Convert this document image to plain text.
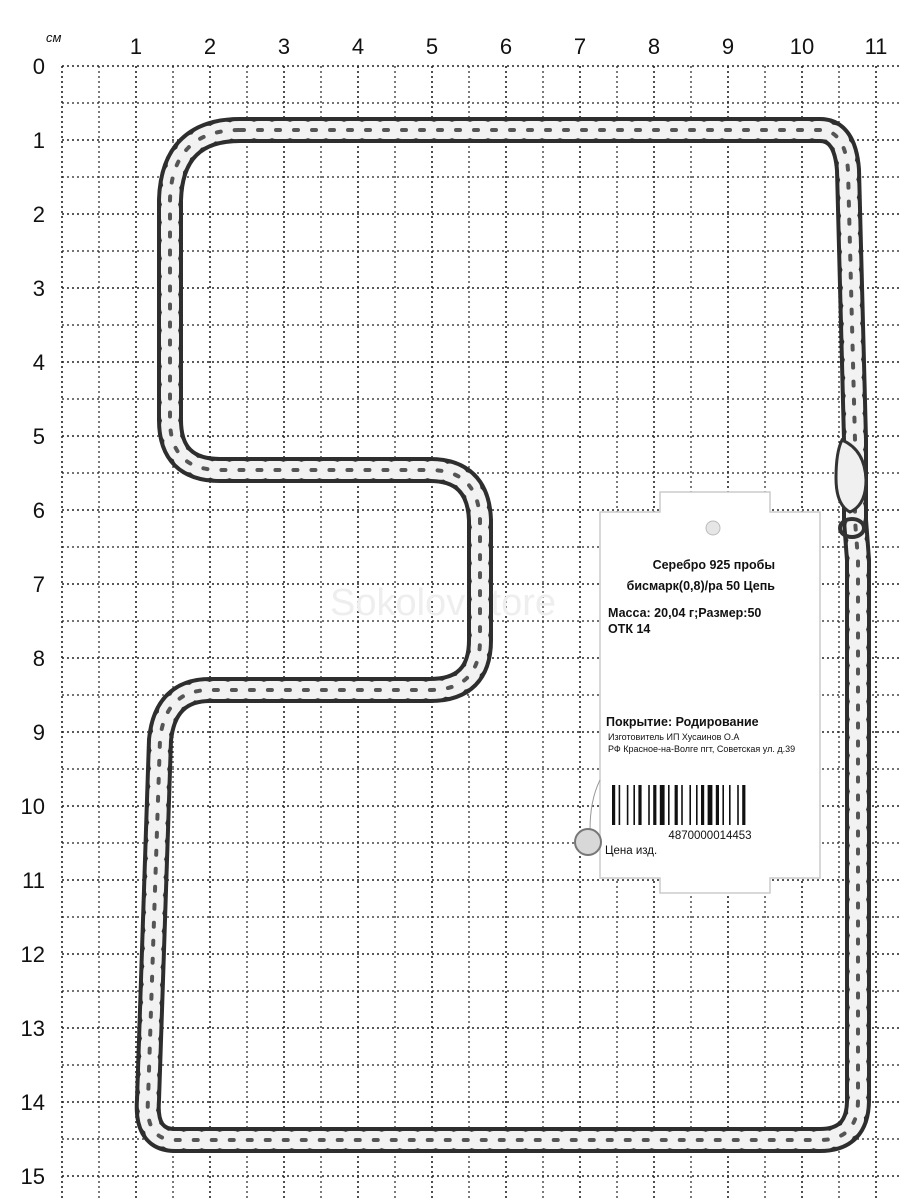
см	1	2	3	4	5	6	7	8	9	10 11
0
1
2
3
4
5
6
7
8
9
10
11
12
13
14
15
SokolovStore
Серебро 925 пробы
бисмарк(0,8)/ра 50 Цепь
Масса: 20,04 г;Размер:50
ОТК 14
Покрытие: Родирование
Изготовитель ИП Хусаинов О.А
РФ Красное-на-Волге пгт, Советская ул. д.39
4870000014453
Цена изд.
